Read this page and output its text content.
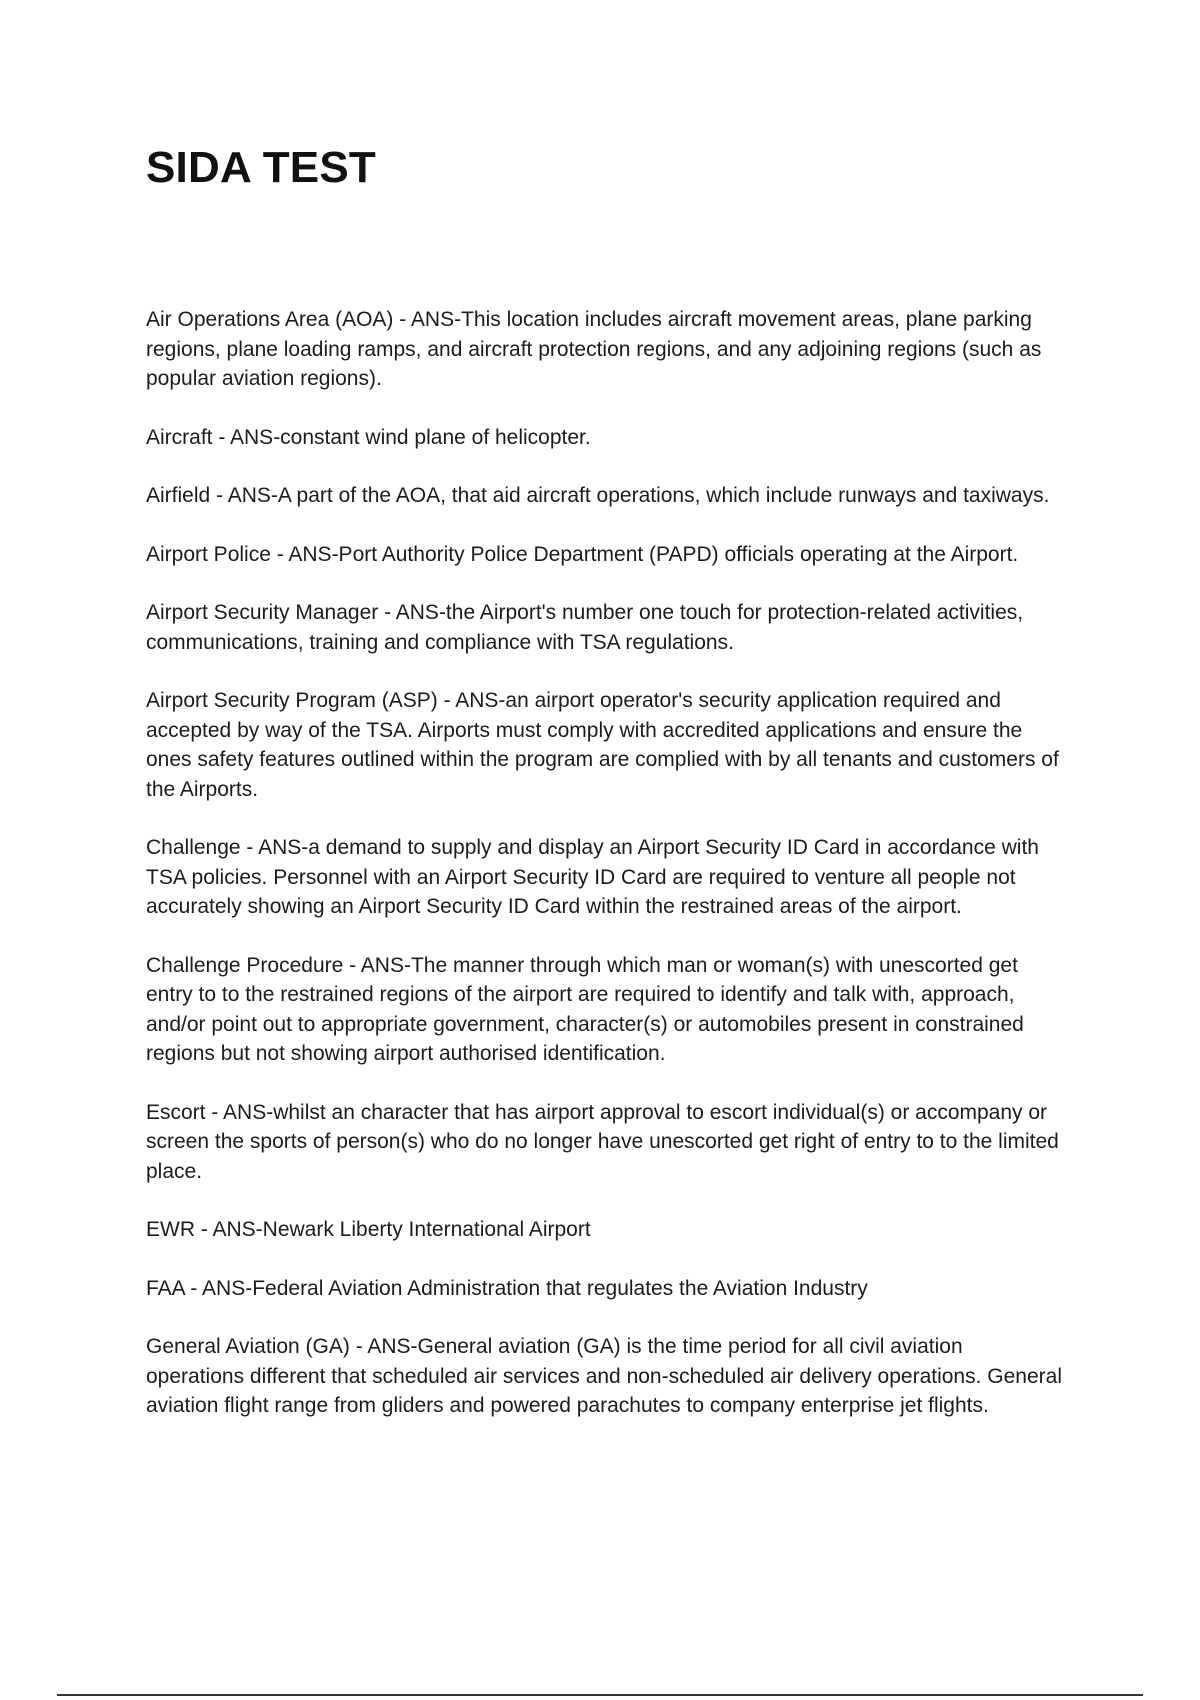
SIDA TEST

Air Operations Area (AOA) - ANS-This location includes aircraft movement areas, plane parking regions, plane loading ramps, and aircraft protection regions, and any adjoining regions (such as popular aviation regions).

Aircraft - ANS-constant wind plane of helicopter.

Airfield - ANS-A part of the AOA, that aid aircraft operations, which include runways and taxiways.

Airport Police - ANS-Port Authority Police Department (PAPD) officials operating at the Airport.

Airport Security Manager - ANS-the Airport's number one touch for protection-related activities, communications, training and compliance with TSA regulations.

Airport Security Program (ASP) - ANS-an airport operator's security application required and accepted by way of the TSA. Airports must comply with accredited applications and ensure the ones safety features outlined within the program are complied with by all tenants and customers of the Airports.

Challenge - ANS-a demand to supply and display an Airport Security ID Card in accordance with TSA policies. Personnel with an Airport Security ID Card are required to venture all people not accurately showing an Airport Security ID Card within the restrained areas of the airport.

Challenge Procedure - ANS-The manner through which man or woman(s) with unescorted get entry to to the restrained regions of the airport are required to identify and talk with, approach, and/or point out to appropriate government, character(s) or automobiles present in constrained regions but not showing airport authorised identification.

Escort - ANS-whilst an character that has airport approval to escort individual(s) or accompany or screen the sports of person(s) who do no longer have unescorted get right of entry to to the limited place.

EWR - ANS-Newark Liberty International Airport

FAA - ANS-Federal Aviation Administration that regulates the Aviation Industry

General Aviation (GA) - ANS-General aviation (GA) is the time period for all civil aviation operations different that scheduled air services and non-scheduled air delivery operations. General aviation flight range from gliders and powered parachutes to company enterprise jet flights.
